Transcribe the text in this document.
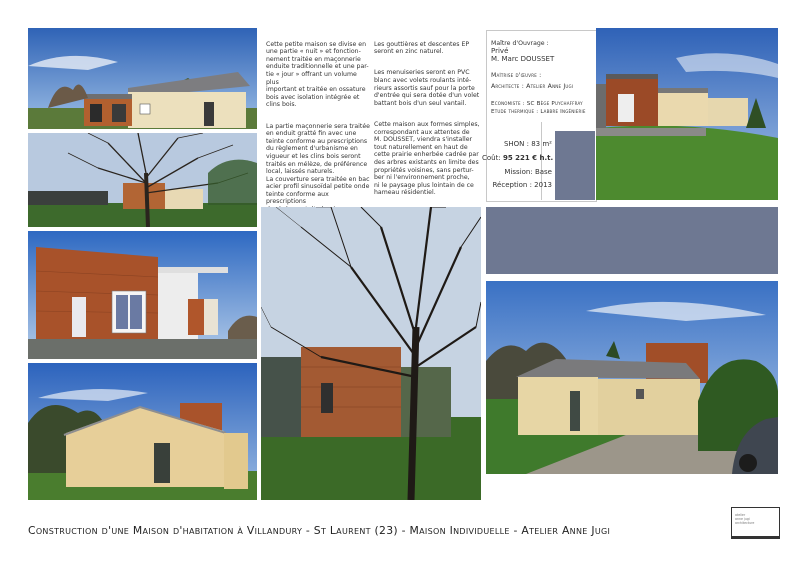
Cette petite maison se divise en
une partie « nuit » et fonction-
nement traitée en maçonnerie
enduite traditionnelle et une par-
tie « jour » offrant un volume plus
important et traitée en ossature
bois avec isolation intégrée et
clins bois.

La partie maçonnerie sera traitée
en enduit gratté fin avec une
teinte conforme au prescriptions
du règlement d'urbanisme en
vigueur et les clins bois seront
traités en mélèze, de préférence
local, laissés naturels.
La couverture sera traitée en bac
acier profil sinusoïdal petite onde
teinte conforme aux prescriptions

Les gouttières et descentes EP
seront en zinc naturel.

Les menuiseries seront en PVC
blanc avec volets roulants inté-
rieurs assortis sauf pour la porte
d'entrée qui sera dotée d'un volet
battant bois d'un seul vantail.

Cette maison aux formes simples,
correspondant aux attentes de
M. DOUSSET, viendra s'installer
tout naturellement en haut de
cette prairie enherbée cadrée par
des arbres existants en limite des
propriétés voisines, sans pertur-
ber ni l'environnement proche,
ni le paysage plus lointain de ce
hameau résidentiel.

Maître d'Ouvrage :
Privé
M. Marc DOUSSET
Maîtrise d'œuvre :
Architecte : Atelier Anne Jugi
Economiste : SC Bège Puychaffray
Etude thermique : Labbre Ingénierie
SHON : 83 m²
Coût: 95 221 € h.t.
Mission: Base
Réception : 2013
Construction d'une Maison d'habitation à Villandury - St Laurent (23) - Maison Individuelle - Atelier Anne Jugi
atelier
anne jugi
architecture
